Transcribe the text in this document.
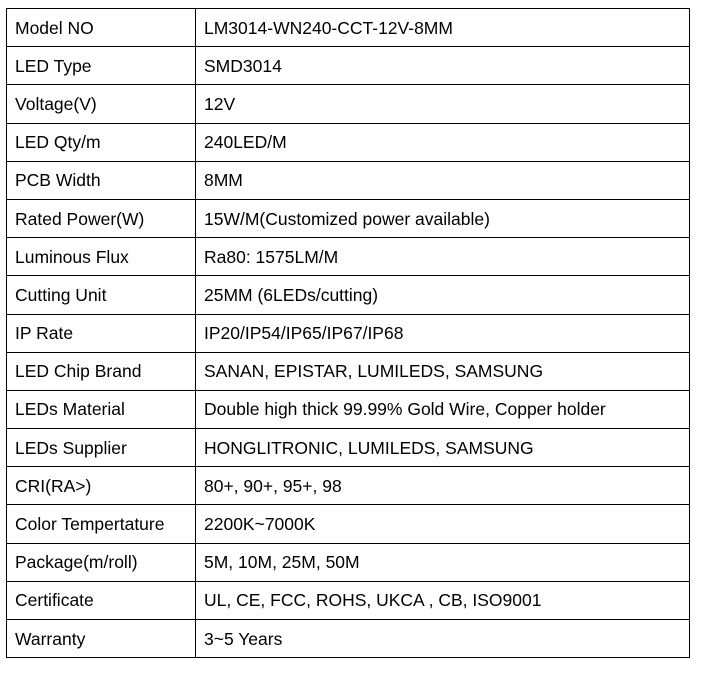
Model NO	LM3014-WN240-CCT-12V-8MM
LED Type	SMD3014
Voltage(V)	12V
LED Qty/m	240LED/M
PCB Width	8MM
Rated Power(W)	15W/M(Customized power available)
Luminous Flux	Ra80: 1575LM/M
Cutting Unit	25MM (6LEDs/cutting)
IP Rate	IP20/IP54/IP65/IP67/IP68
LED Chip Brand	SANAN, EPISTAR, LUMILEDS, SAMSUNG
LEDs Material	Double high thick 99.99% Gold Wire, Copper holder
LEDs Supplier	HONGLITRONIC, LUMILEDS, SAMSUNG
CRI(RA>)	80+, 90+, 95+, 98
Color Tempertature	2200K~7000K
Package(m/roll)	5M, 10M, 25M, 50M
Certificate	UL, CE, FCC, ROHS, UKCA , CB, ISO9001
Warranty	3~5 Years
